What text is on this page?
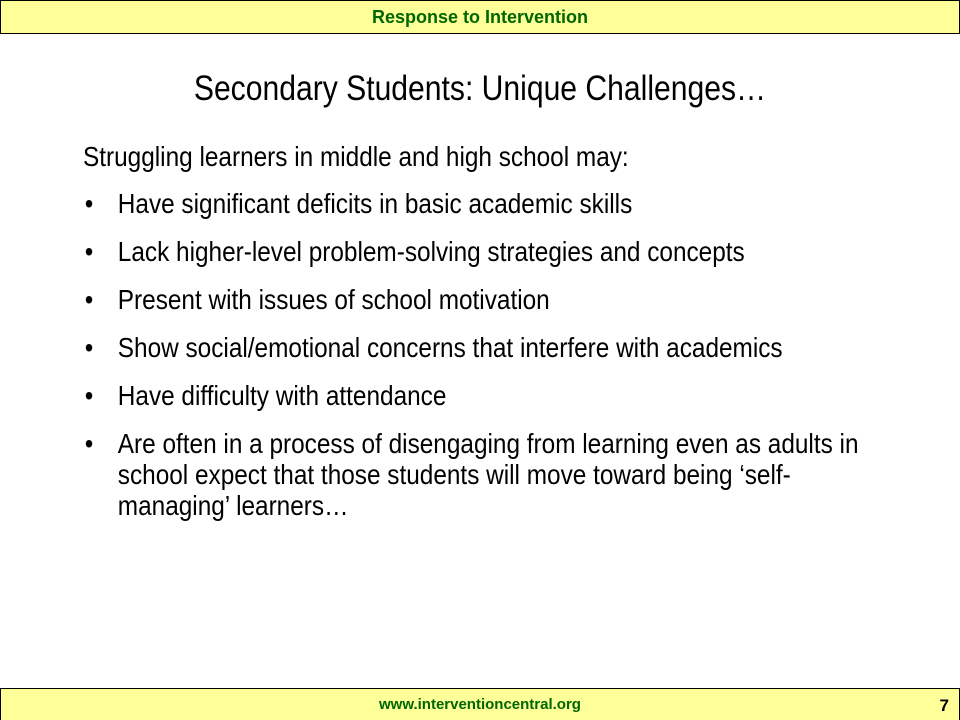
Response to Intervention
Secondary Students: Unique Challenges…

Struggling learners in middle and high school may:

• Have significant deficits in basic academic skills
• Lack higher-level problem-solving strategies and concepts
• Present with issues of school motivation
• Show social/emotional concerns that interfere with academics
• Have difficulty with attendance
• Are often in a process of disengaging from learning even as adults in school expect that those students will move toward being ‘self-managing’ learners…
www.interventioncentral.org	7
